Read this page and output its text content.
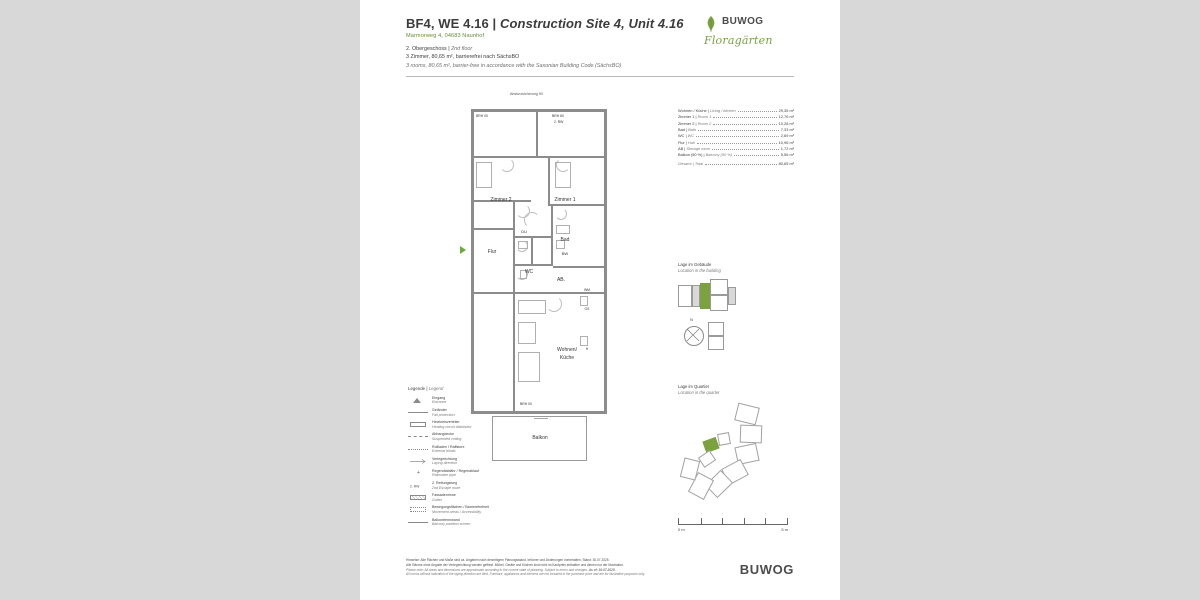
BF4, WE 4.16 | Construction Site 4, Unit 4.16
Marmorweg 4, 04683 Naunhof
2. Obergeschoss | 2nd floor
3 Zimmer, 80,65 m², barrierefrei nach SächsBO
3 rooms, 80,65 m², barrier-free in accordance with the Saxonian Building Code (SächsBO)
BUWOG
Floragärten
Absturzsicherung 90
Zimmer 2	Zimmer 1
Flur
DU
Bad
WC
AB.
BW
WM
GS
H
Wohnen/
Küche
BRH 00	BRH 80
2. RW
BRH 00
Balkon
Wohnen / Küche | Living / kitchen	29,35 m²
Zimmer 1 | Room 1	12,76 m²
Zimmer 2 | Room 2	10,28 m²
Bad | Bath	7,33 m²
WC | WC	2,69 m²
Flur | Hall	10,96 m²
AB | Storage room	1,72 m²
Balkon (50 %) | Balcony (50 %)	5,56 m²
Gesamt | Total	80,65 m²
Lage im Gebäude
Location in the building
N
Lage im Quartier
Location in the quarter
0 m	5 m
Legende | Legend
Eingang
Entrance
Geländer
Fall protection
Heizkreisverteiler
Heating circuit distributor
Abhangdecke
Suspended ceiling
Rollladen / Raffstore
External blinds
Verlegerichtung
Laying direction
+	Regendtablähr / Regenablauf
Rainwater pipe
2. RW
2. Rettungsweg
2nd Escape route
Fassadenrinne
Gutter
Bewegungsflächen / Barrierefreiheit
Movement areas / Accessibility
Balkontrennwand
Balcony partition screen
Hinweise: Alle Flächen und Maße sind ca. Angaben nach derzeitigem Planungsstand. Irrtümer und Änderungen vorbehalten, Stand: 30.07.2025.
Alle Räume ohne Angabe der Verlegerichtung werden gefliest. Möbel, Geräte und Küchen sind nicht im Kaufpreis enthalten und dienen nur der Illustration.
Please note: All areas and dimensions are approximate according to the current state of planning. Subject to errors and changes. As of: 30.07.2025.
All rooms without indication of the laying direction are tiled. Furniture, appliances and kitchens are not included in the purchase price and are for illustrative purposes only.	BUWOG
